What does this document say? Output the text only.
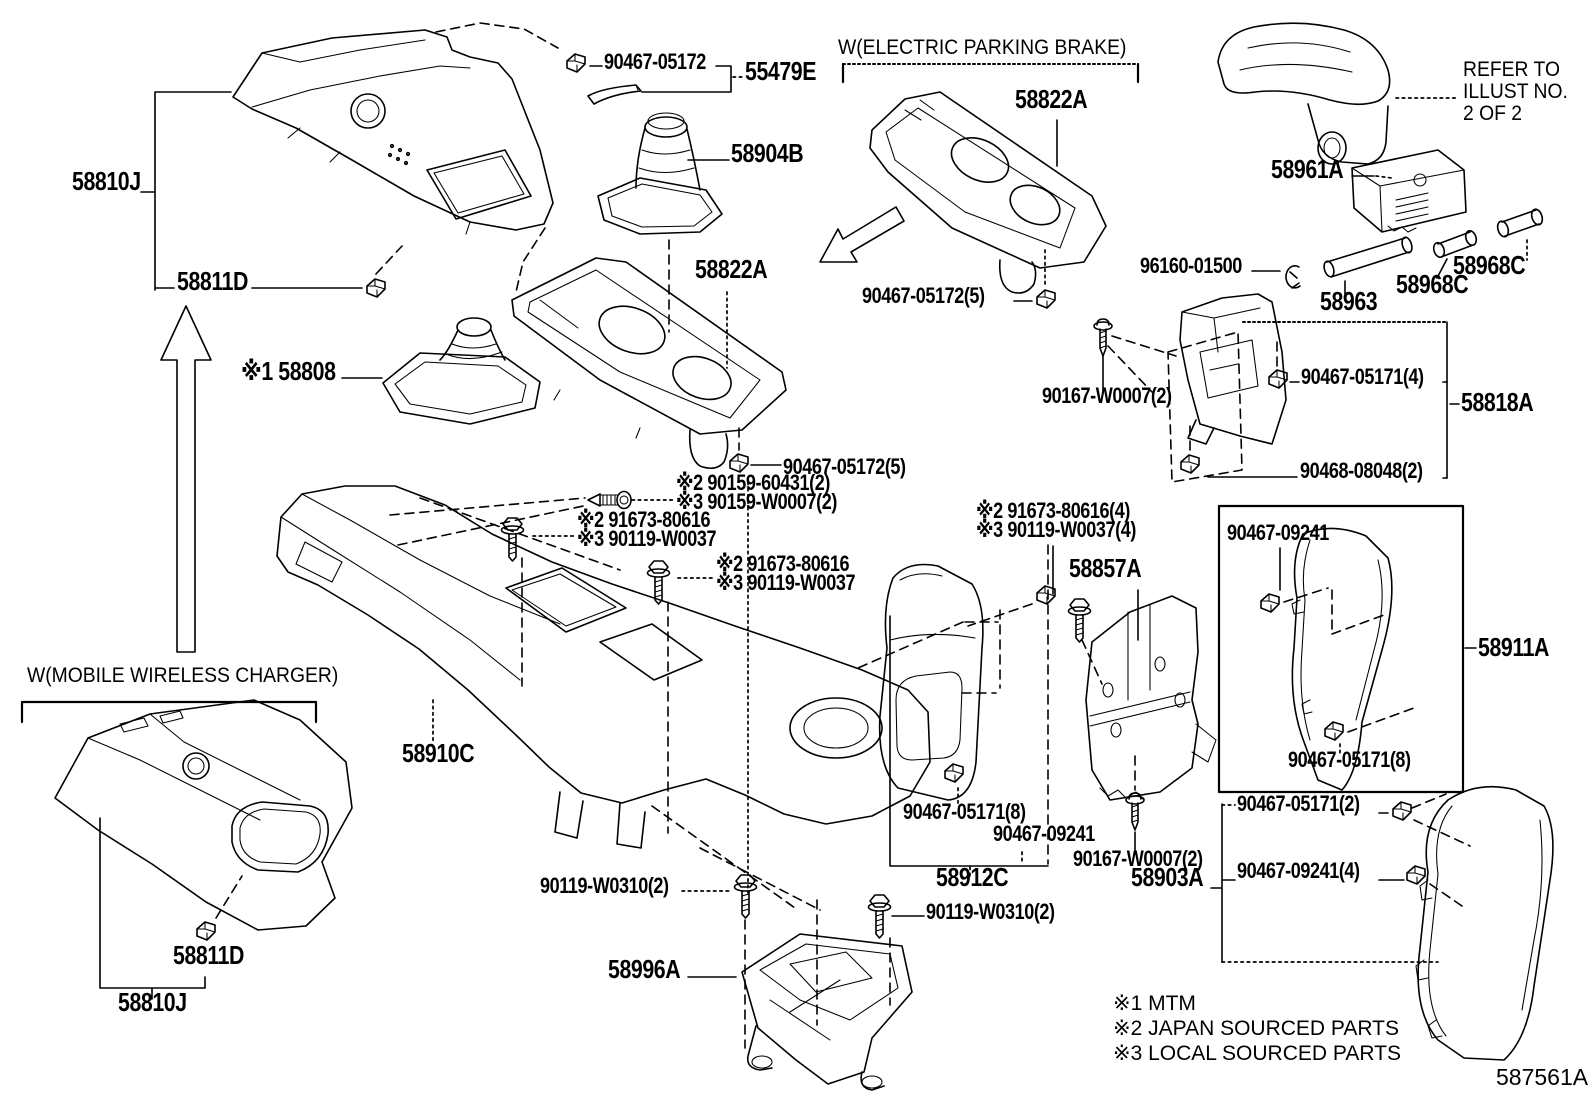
58810J
58811D
※1 58808
90467-05172 55479E
58904B
58822A
90467-05172(5)
※2 90159-60431(2)
※3 90159-W0007(2)
※2 91673-80616
※3 90119-W0037
※2 91673-80616
※3 90119-W0037
W(ELECTRIC PARKING BRAKE)
58822A
90467-05172(5)
96160-01500
REFER TO
ILLUST NO.
2 OF 2
58961A
58968C
58968C
58963
90167-W0007(2)
90467-05171(4)
58818A
90468-08048(2)
※2 91673-80616(4)
※3 90119-W0037(4)	90467-09241
58857A
58911A
90467-05171(8)
W(MOBILE WIRELESS CHARGER)
58910C
90467-05171(8)
90467-09241
90167-W0007(2)
58912C	58903A
90467-05171(2)
90467-09241(4)
90119-W0310(2)
90119-W0310(2)
58996A
58811D
58810J	※1 MTM
※2 JAPAN SOURCED PARTS
※3 LOCAL SOURCED PARTS
587561A
